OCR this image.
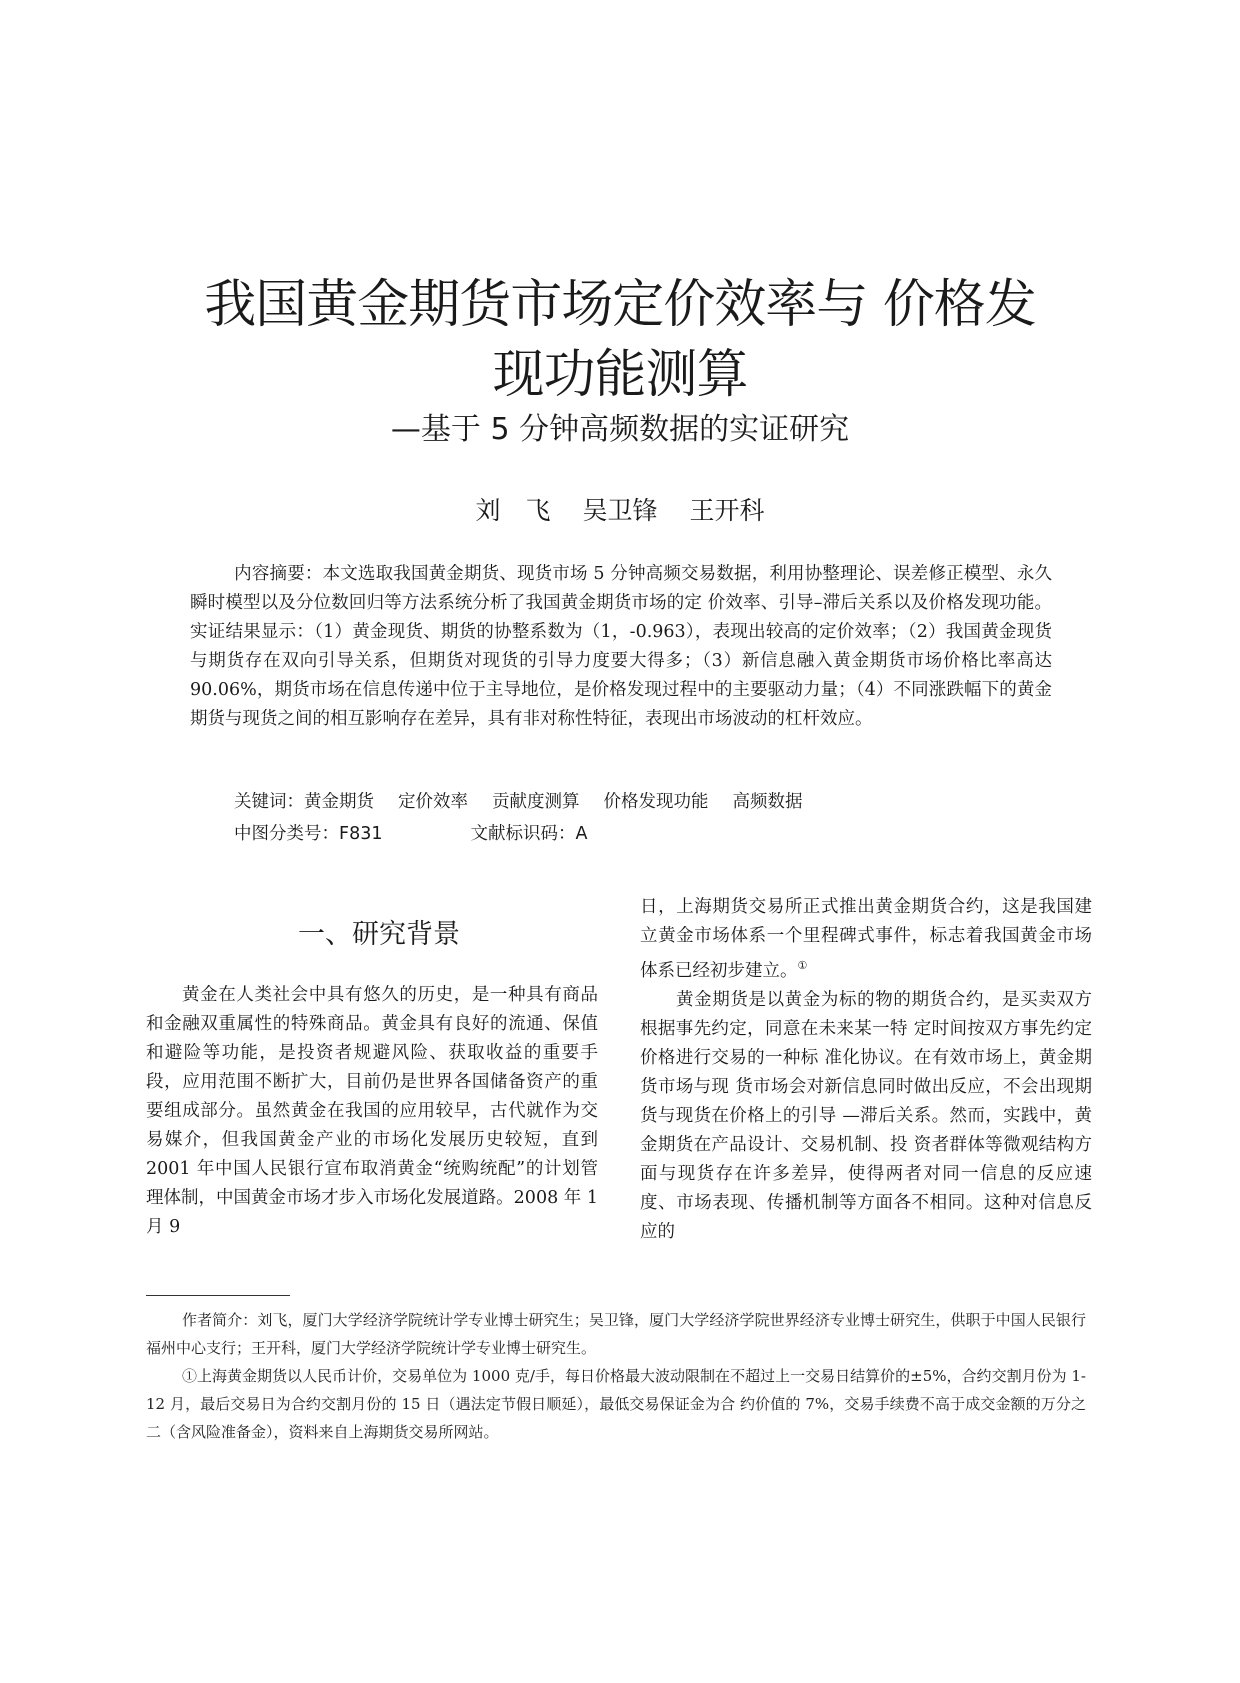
我国黄金期货市场定价效率与 价格发
现功能测算
—基于 5 分钟高频数据的实证研究
刘　飞 吴卫锋 王开科
内容摘要：本文选取我国黄金期货、现货市场 5 分钟高频交易数据，利用协整理论、误差修正模型、永久瞬时模型以及分位数回归等方法系统分析了我国黄金期货市场的定 价效率、引导–滞后关系以及价格发现功能。实证结果显示：（1）黄金现货、期货的协整系数为（1，-0.963），表现出较高的定价效率；（2）我国黄金现货与期货存在双向引导关系，但期货对现货的引导力度要大得多；（3）新信息融入黄金期货市场价格比率高达 90.06%，期货市场在信息传递中位于主导地位，是价格发现过程中的主要驱动力量；（4）不同涨跌幅下的黄金期货与现货之间的相互影响存在差异，具有非对称性特征，表现出市场波动的杠杆效应。
关键词：黄金期货 定价效率 贡献度测算 价格发现功能 高频数据
中图分类号：F831	文献标识码：A
一、研究背景

黄金在人类社会中具有悠久的历史，是一种具有商品和金融双重属性的特殊商品。黄金具有良好的流通、保值和避险等功能，是投资者规避风险、获取收益的重要手段，应用范围不断扩大，目前仍是世界各国储备资产的重要组成部分。虽然黄金在我国的应用较早，古代就作为交易媒介，但我国黄金产业的市场化发展历史较短，直到 2001 年中国人民银行宣布取消黄金“统购统配”的计划管理体制，中国黄金市场才步入市场化发展道路。2008 年 1 月 9

日，上海期货交易所正式推出黄金期货合约，这是我国建立黄金市场体系一个里程碑式事件，标志着我国黄金市场体系已经初步建立。①

黄金期货是以黄金为标的物的期货合约，是买卖双方根据事先约定，同意在未来某一特 定时间按双方事先约定价格进行交易的一种标 准化协议。在有效市场上，黄金期货市场与现 货市场会对新信息同时做出反应，不会出现期 货与现货在价格上的引导 —滞后关系。然而，实践中，黄金期货在产品设计、交易机制、投 资者群体等微观结构方面与现货存在许多差异，使得两者对同一信息的反应速度、市场表现、传播机制等方面各不相同。这种对信息反应的

作者简介：刘飞，厦门大学经济学院统计学专业博士研究生；吴卫锋，厦门大学经济学院世界经济专业博士研究生，供职于中国人民银行福州中心支行；王开科，厦门大学经济学院统计学专业博士研究生。

①上海黄金期货以人民币计价，交易单位为 1000 克/手，每日价格最大波动限制在不超过上一交易日结算价的±5%，合约交割月份为 1- 12 月，最后交易日为合约交割月份的 15 日（遇法定节假日顺延），最低交易保证金为合 约价值的 7%，交易手续费不高于成交金额的万分之二（含风险准备金），资料来自上海期货交易所网站。
